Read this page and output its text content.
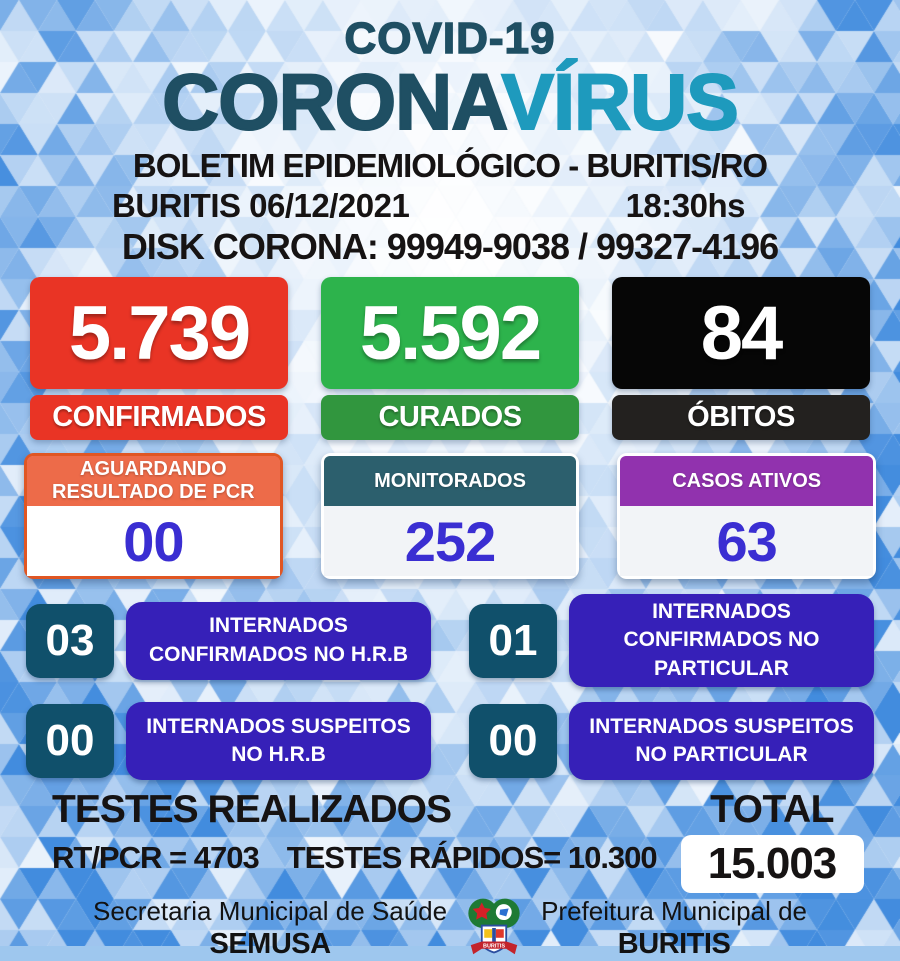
COVID-19
CORONAVÍRUS
BOLETIM EPIDEMIOLÓGICO - BURITIS/RO
BURITIS 06/12/2021	18:30hs
DISK CORONA: 99949-9038 / 99327-4196
5.739
CONFIRMADOS
5.592
CURADOS
84
ÓBITOS
AGUARDANDO RESULTADO DE PCR
00
MONITORADOS
252
CASOS ATIVOS
63
03	INTERNADOS CONFIRMADOS NO H.R.B	01
INTERNADOS CONFIRMADOS NO PARTICULAR
00	INTERNADOS SUSPEITOS NO H.R.B	00	INTERNADOS SUSPEITOS NO PARTICULAR
TESTES REALIZADOS
RT/PCR = 4703 TESTES RÁPIDOS= 10.300
TOTAL
15.003
Secretaria Municipal de Saúde
SEMUSA	BURITIS
Prefeitura Municipal de
BURITIS
